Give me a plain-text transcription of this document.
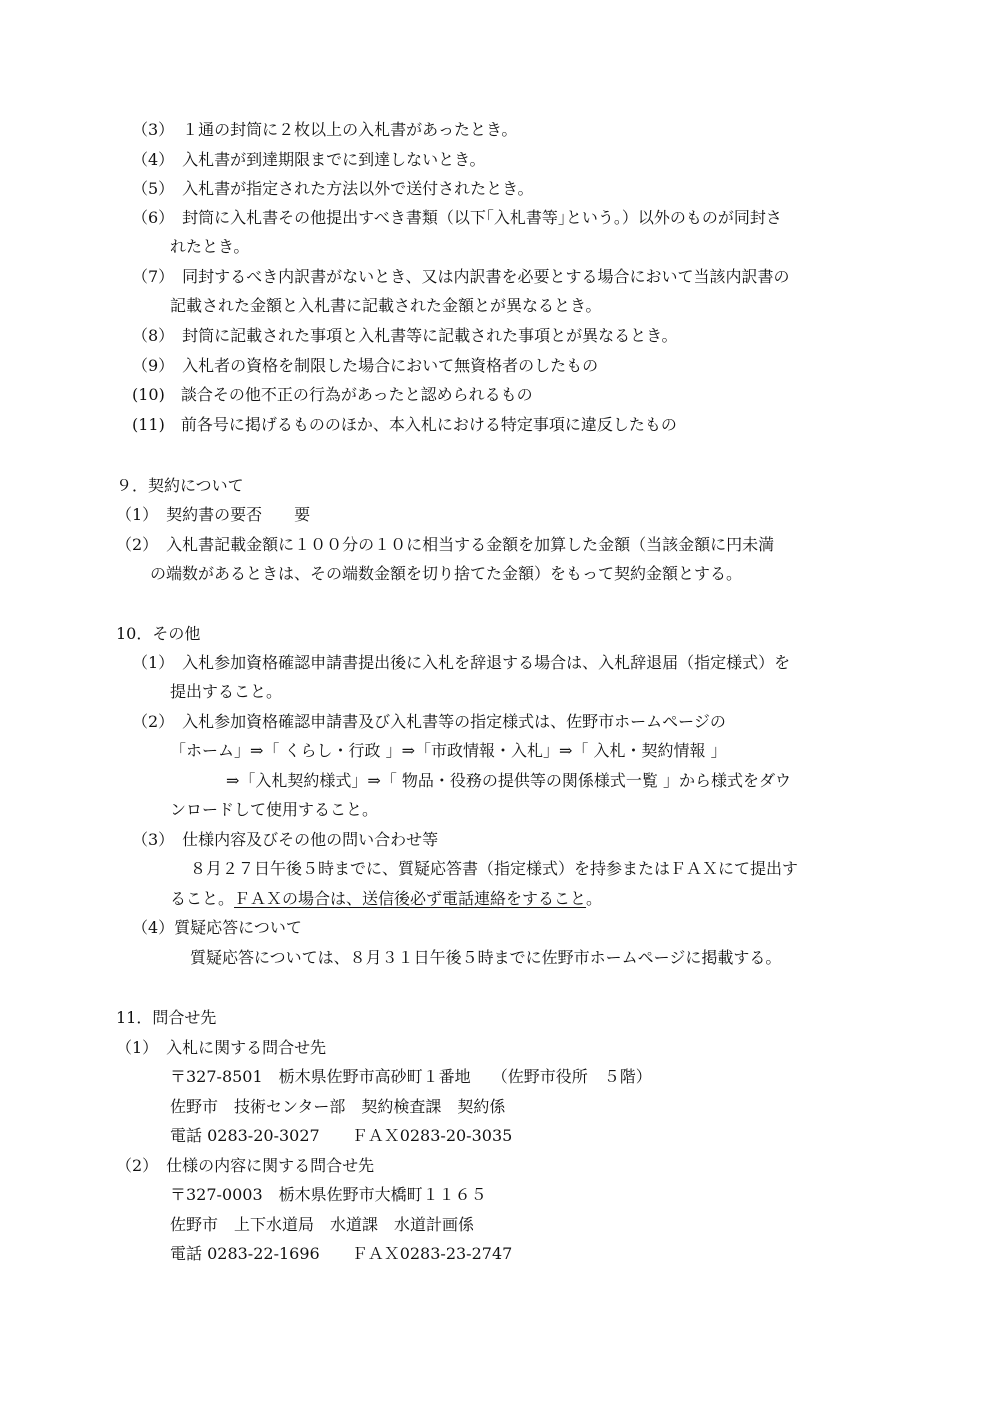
（3）　１通の封筒に２枚以上の入札書があったとき。
（4）　入札書が到達期限までに到達しないとき。
（5）　入札書が指定された方法以外で送付されたとき。
（6）　封筒に入札書その他提出すべき書類（以下｢入札書等｣という。）以外のものが同封さ
れたとき。
（7）　同封するべき内訳書がないとき、又は内訳書を必要とする場合において当該内訳書の
記載された金額と入札書に記載された金額とが異なるとき。
（8）　封筒に記載された事項と入札書等に記載された事項とが異なるとき。
（9）　入札者の資格を制限した場合において無資格者のしたもの
(10)　談合その他不正の行為があったと認められるもの
(11)　前各号に掲げるもののほか、本入札における特定事項に違反したもの
９．契約について
（1）　契約書の要否　　要
（2）　入札書記載金額に１００分の１０に相当する金額を加算した金額（当該金額に円未満
の端数があるときは、その端数金額を切り捨てた金額）をもって契約金額とする。
10．その他
（1）　入札参加資格確認申請書提出後に入札を辞退する場合は、入札辞退届（指定様式）を
提出すること。
（2）　入札参加資格確認申請書及び入札書等の指定様式は、佐野市ホームページの
「ホーム」⇒「 くらし・行政 」⇒「市政情報・入札」⇒「 入札・契約情報 」
⇒「入札契約様式」⇒「 物品・役務の提供等の関係様式一覧 」から様式をダウ
ンロードして使用すること。
（3）　仕様内容及びその他の問い合わせ等
８月２７日午後５時までに、質疑応答書（指定様式）を持参またはＦＡＸにて提出す
ること。ＦＡＸの場合は、送信後必ず電話連絡をすること。
（4）質疑応答について
質疑応答については、８月３１日午後５時までに佐野市ホームページに掲載する。
11．問合せ先
（1）　入札に関する問合せ先
〒327-8501　栃木県佐野市高砂町１番地　 （佐野市役所　５階）
佐野市　技術センター部　契約検査課　契約係
電話 0283-20-3027　　ＦＡＸ0283-20-3035
（2）　仕様の内容に関する問合せ先
〒327-0003　栃木県佐野市大橋町１１６５
佐野市　上下水道局　水道課　水道計画係
電話 0283-22-1696　　ＦＡＸ0283-23-2747
